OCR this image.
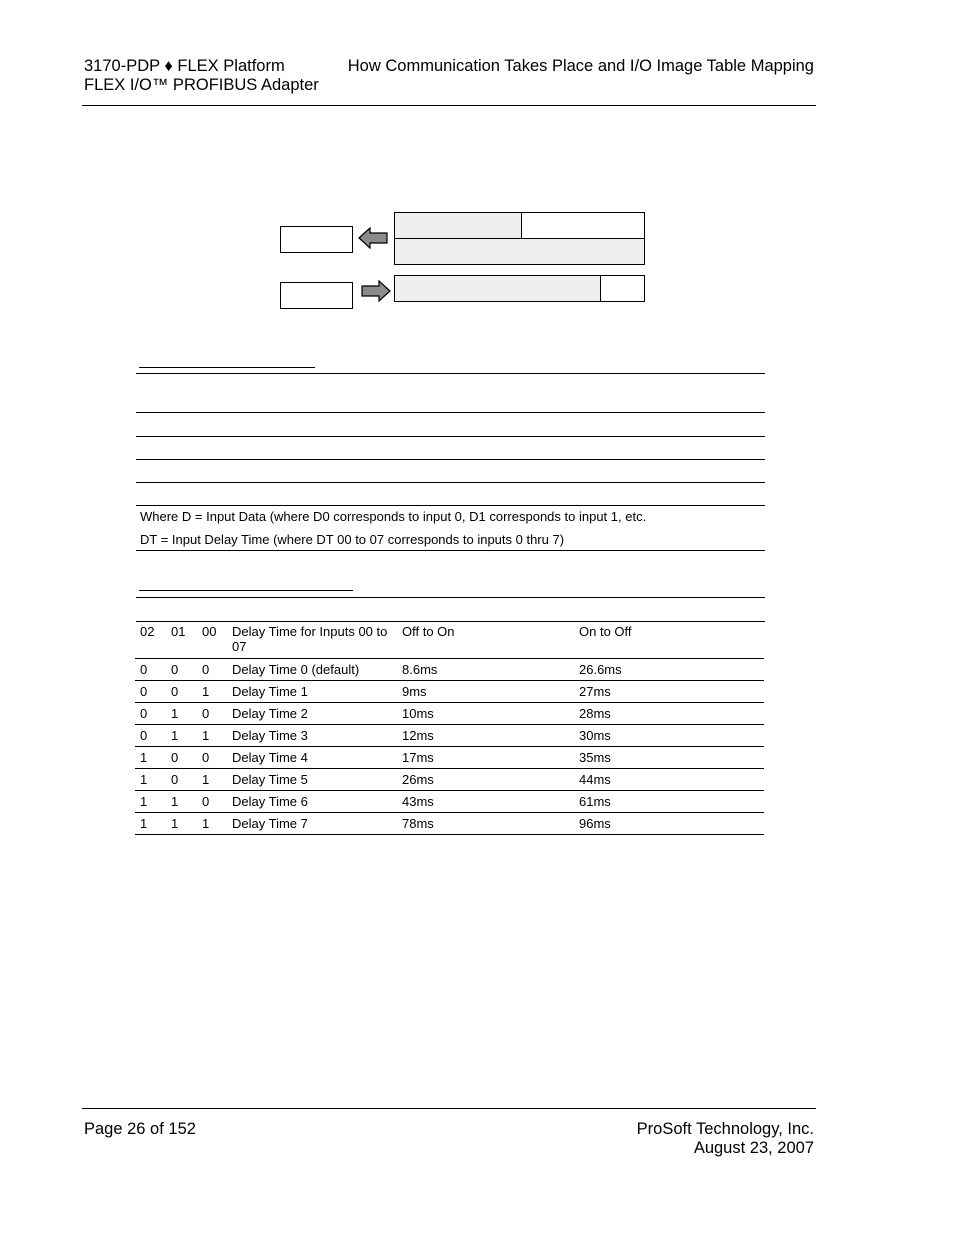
3170-PDP ♦ FLEX Platform	How Communication Takes Place and I/O Image Table Mapping
FLEX I/O™ PROFIBUS Adapter
Where D = Input Data (where D0 corresponds to input 0, D1 corresponds to input 1, etc.
DT = Input Delay Time (where DT 00 to 07 corresponds to inputs 0 thru 7)
02	01	00	Delay Time for Inputs 00 to 07	Off to On	On to Off
0	0	0	Delay Time 0 (default)	8.6ms	26.6ms
0	0	1	Delay Time 1	9ms	27ms
0	1	0	Delay Time 2	10ms	28ms
0	1	1	Delay Time 3	12ms	30ms
1	0	0	Delay Time 4	17ms	35ms
1	0	1	Delay Time 5	26ms	44ms
1	1	0	Delay Time 6	43ms	61ms
1	1	1	Delay Time 7	78ms	96ms
Page 26 of 152	ProSoft Technology, Inc.
August 23, 2007
